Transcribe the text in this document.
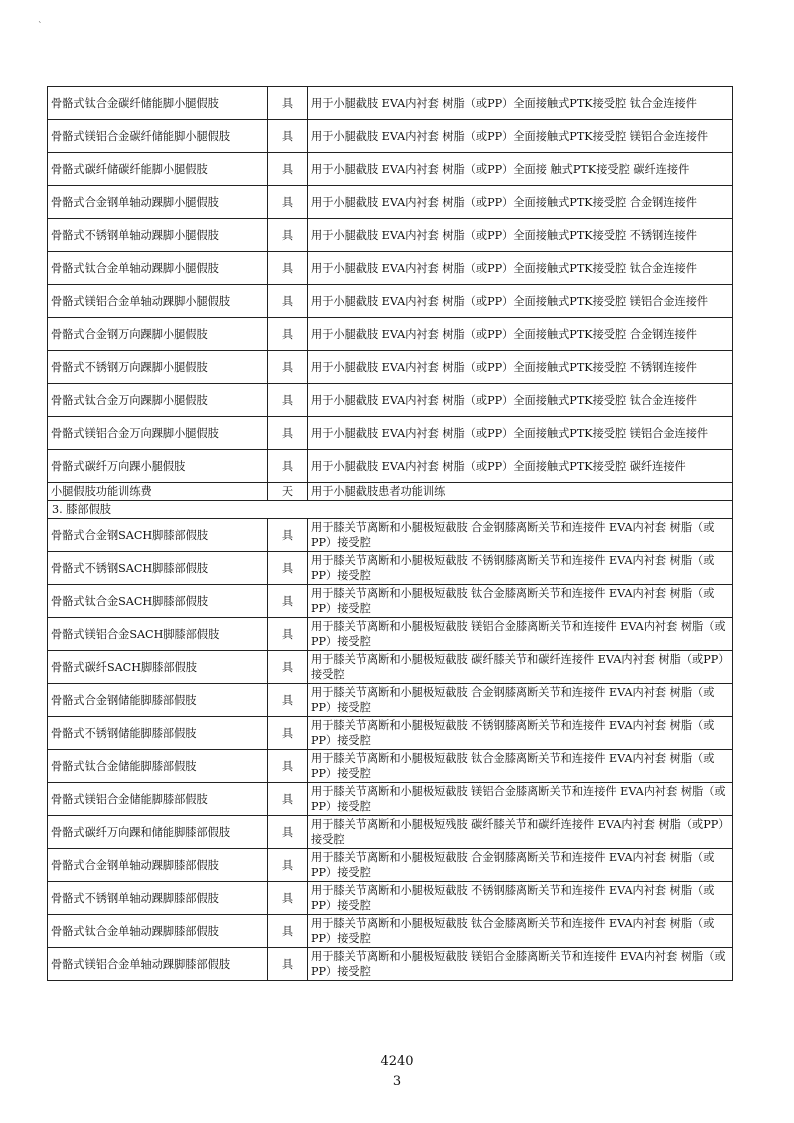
`
骨骼式钛合金碳纤储能脚小腿假肢	具	用于小腿截肢 EVA内衬套 树脂（或PP）全面接触式PTK接受腔 钛合金连接件
骨骼式镁铝合金碳纤储能脚小腿假肢	具	用于小腿截肢 EVA内衬套 树脂（或PP）全面接触式PTK接受腔 镁铝合金连接件
骨骼式碳纤储碳纤能脚小腿假肢	具	用于小腿截肢 EVA内衬套 树脂（或PP）全面接 触式PTK接受腔 碳纤连接件
骨骼式合金钢单轴动踝脚小腿假肢	具	用于小腿截肢 EVA内衬套 树脂（或PP）全面接触式PTK接受腔 合金钢连接件
骨骼式不锈钢单轴动踝脚小腿假肢	具	用于小腿截肢 EVA内衬套 树脂（或PP）全面接触式PTK接受腔 不锈钢连接件
骨骼式钛合金单轴动踝脚小腿假肢	具	用于小腿截肢 EVA内衬套 树脂（或PP）全面接触式PTK接受腔 钛合金连接件
骨骼式镁铝合金单轴动踝脚小腿假肢	具	用于小腿截肢 EVA内衬套 树脂（或PP）全面接触式PTK接受腔 镁铝合金连接件
骨骼式合金钢万向踝脚小腿假肢	具	用于小腿截肢 EVA内衬套 树脂（或PP）全面接触式PTK接受腔 合金钢连接件
骨骼式不锈钢万向踝脚小腿假肢	具	用于小腿截肢 EVA内衬套 树脂（或PP）全面接触式PTK接受腔 不锈钢连接件
骨骼式钛合金万向踝脚小腿假肢	具	用于小腿截肢 EVA内衬套 树脂（或PP）全面接触式PTK接受腔 钛合金连接件
骨骼式镁铝合金万向踝脚小腿假肢	具	用于小腿截肢 EVA内衬套 树脂（或PP）全面接触式PTK接受腔 镁铝合金连接件
骨骼式碳纤万向踝小腿假肢	具	用于小腿截肢 EVA内衬套 树脂（或PP）全面接触式PTK接受腔 碳纤连接件
小腿假肢功能训练费	天	用于小腿截肢患者功能训练
3. 膝部假肢		
骨骼式合金钢SACH脚膝部假肢	具	用于膝关节离断和小腿极短截肢 合金钢膝离断关节和连接件 EVA内衬套 树脂（或PP）接受腔
骨骼式不锈钢SACH脚膝部假肢	具	用于膝关节离断和小腿极短截肢 不锈钢膝离断关节和连接件 EVA内衬套 树脂（或PP）接受腔
骨骼式钛合金SACH脚膝部假肢	具	用于膝关节离断和小腿极短截肢 钛合金膝离断关节和连接件 EVA内衬套 树脂（或PP）接受腔
骨骼式镁铝合金SACH脚膝部假肢	具	用于膝关节离断和小腿极短截肢 镁铝合金膝离断关节和连接件 EVA内衬套 树脂（或PP）接受腔
骨骼式碳纤SACH脚膝部假肢	具	用于膝关节离断和小腿极短截肢 碳纤膝关节和碳纤连接件 EVA内衬套 树脂（或PP）接受腔
骨骼式合金钢储能脚膝部假肢	具	用于膝关节离断和小腿极短截肢 合金钢膝离断关节和连接件 EVA内衬套 树脂（或PP）接受腔
骨骼式不锈钢储能脚膝部假肢	具	用于膝关节离断和小腿极短截肢 不锈钢膝离断关节和连接件 EVA内衬套 树脂（或PP）接受腔
骨骼式钛合金储能脚膝部假肢	具	用于膝关节离断和小腿极短截肢 钛合金膝离断关节和连接件 EVA内衬套 树脂（或PP）接受腔
骨骼式镁铝合金储能脚膝部假肢	具	用于膝关节离断和小腿极短截肢 镁铝合金膝离断关节和连接件 EVA内衬套 树脂（或PP）接受腔
骨骼式碳纤万向踝和储能脚膝部假肢	具	用于膝关节离断和小腿极短残肢 碳纤膝关节和碳纤连接件 EVA内衬套 树脂（或PP）接受腔
骨骼式合金钢单轴动踝脚膝部假肢	具	用于膝关节离断和小腿极短截肢 合金钢膝离断关节和连接件 EVA内衬套 树脂（或PP）接受腔
骨骼式不锈钢单轴动踝脚膝部假肢	具	用于膝关节离断和小腿极短截肢 不锈钢膝离断关节和连接件 EVA内衬套 树脂（或PP）接受腔
骨骼式钛合金单轴动踝脚膝部假肢	具	用于膝关节离断和小腿极短截肢 钛合金膝离断关节和连接件 EVA内衬套 树脂（或PP）接受腔
骨骼式镁铝合金单轴动踝脚膝部假肢	具	用于膝关节离断和小腿极短截肢 镁铝合金膝离断关节和连接件 EVA内衬套 树脂（或PP）接受腔
4240
3
